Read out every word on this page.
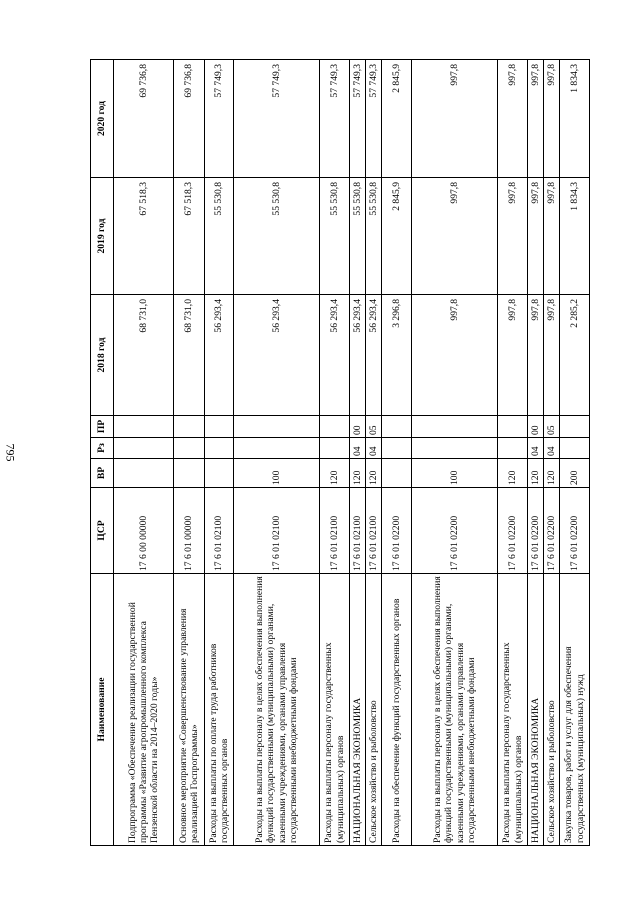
795
Наименование	ЦСР	ВР	Рз	ПР	2018 год	2019 год	2020 год
Подпрограмма «Обеспечение реализации государственной программы «Развитие агропромышленного комплекса Пензенской области на 2014–2020 годы»	17 6 00 00000				68 731,0	67 518,3	69 736,8
Основное мероприятие «Совершенствование управления реализацией Госпрограммы»	17 6 01 00000				68 731,0	67 518,3	69 736,8
Расходы на выплаты по оплате труда работников государственных органов	17 6 01 02100				56 293,4	55 530,8	57 749,3
Расходы на выплаты персоналу в целях обеспечения выполнения функций государственными (муниципальными) органами, казенными учреждениями, органами управления государственными внебюджетными фондами	17 6 01 02100	100			56 293,4	55 530,8	57 749,3
Расходы на выплаты персоналу государственных (муниципальных) органов	17 6 01 02100	120			56 293,4	55 530,8	57 749,3
НАЦИОНАЛЬНАЯ ЭКОНОМИКА	17 6 01 02100	120	04	00	56 293,4	55 530,8	57 749,3
Сельское хозяйство и рыболовство	17 6 01 02100	120	04	05	56 293,4	55 530,8	57 749,3
Расходы на обеспечение функций государственных органов	17 6 01 02200				3 296,8	2 845,9	2 845,9
Расходы на выплаты персоналу в целях обеспечения выполнения функций государственными (муниципальными) органами, казенными учреждениями, органами управления государственными внебюджетными фондами	17 6 01 02200	100			997,8	997,8	997,8
Расходы на выплаты персоналу государственных (муниципальных) органов	17 6 01 02200	120			997,8	997,8	997,8
НАЦИОНАЛЬНАЯ ЭКОНОМИКА	17 6 01 02200	120	04	00	997,8	997,8	997,8
Сельское хозяйство и рыболовство	17 6 01 02200	120	04	05	997,8	997,8	997,8
Закупка товаров, работ и услуг для обеспечения государственных (муниципальных) нужд	17 6 01 02200	200			2 285,2	1 834,3	1 834,3
